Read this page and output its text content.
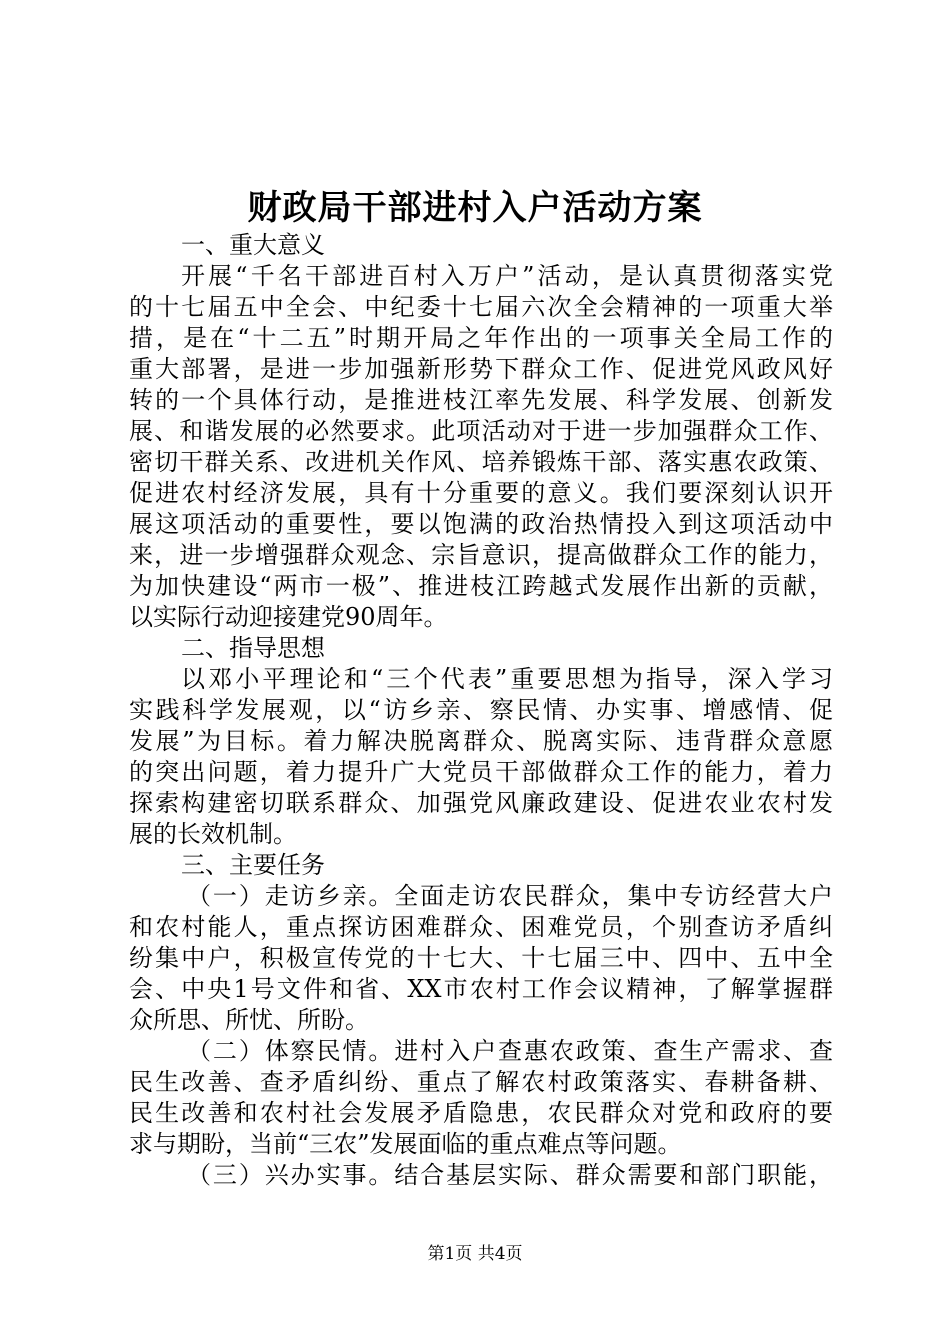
财政局干部进村入户活动方案
一、重大意义
开展“千名干部进百村入万户”活动，是认真贯彻落实党
的十七届五中全会、中纪委十七届六次全会精神的一项重大举
措，是在“十二五”时期开局之年作出的一项事关全局工作的
重大部署，是进一步加强新形势下群众工作、促进党风政风好
转的一个具体行动，是推进枝江率先发展、科学发展、创新发
展、和谐发展的必然要求。此项活动对于进一步加强群众工作、
密切干群关系、改进机关作风、培养锻炼干部、落实惠农政策、
促进农村经济发展，具有十分重要的意义。我们要深刻认识开
展这项活动的重要性，要以饱满的政治热情投入到这项活动中
来，进一步增强群众观念、宗旨意识，提高做群众工作的能力，
为加快建设“两市一极”、推进枝江跨越式发展作出新的贡献，
以实际行动迎接建党90周年。
二、指导思想
以邓小平理论和“三个代表”重要思想为指导，深入学习
实践科学发展观，以“访乡亲、察民情、办实事、增感情、促
发展”为目标。着力解决脱离群众、脱离实际、违背群众意愿
的突出问题，着力提升广大党员干部做群众工作的能力，着力
探索构建密切联系群众、加强党风廉政建设、促进农业农村发
展的长效机制。
三、主要任务
（一）走访乡亲。全面走访农民群众，集中专访经营大户
和农村能人，重点探访困难群众、困难党员，个别查访矛盾纠
纷集中户，积极宣传党的十七大、十七届三中、四中、五中全
会、中央1号文件和省、XX市农村工作会议精神，了解掌握群
众所思、所忧、所盼。
（二）体察民情。进村入户查惠农政策、查生产需求、查
民生改善、查矛盾纠纷、重点了解农村政策落实、春耕备耕、
民生改善和农村社会发展矛盾隐患，农民群众对党和政府的要
求与期盼，当前“三农”发展面临的重点难点等问题。
（三）兴办实事。结合基层实际、群众需要和部门职能，
第1页 共4页
